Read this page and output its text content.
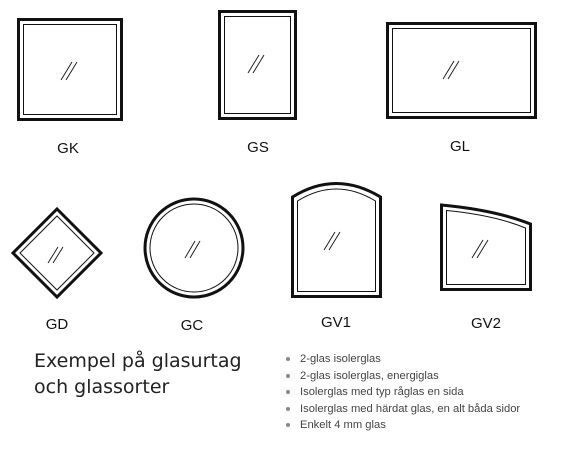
GK	GS	GL
GD	GC	GV1	GV2
Exempel på glasurtag
och glassorter
2-glas isolerglas
2-glas isolerglas, energiglas
Isolerglas med typ råglas en sida
Isolerglas med härdat glas, en alt båda sidor
Enkelt 4 mm glas
